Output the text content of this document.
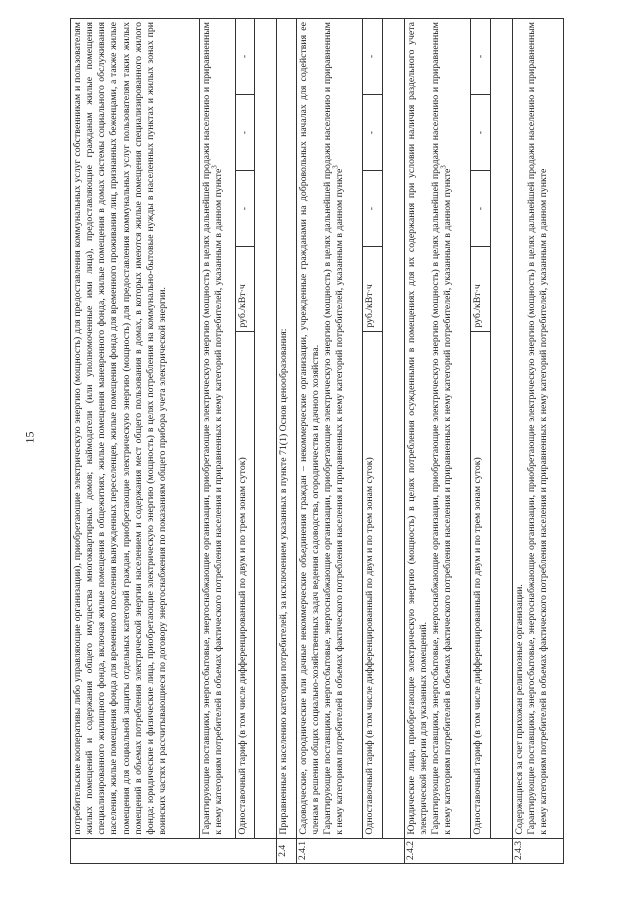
15
		потребительские кооперативы либо управляющие организации), приобретающие электрическую энергию (мощность) для предоставления коммунальных услуг собственникам и пользователям жилых помещений и содержания общего имущества многоквартирных домов; наймодатели (или уполномоченные ими лица), предоставляющие гражданам жилые помещения специализированного жилищного фонда, включая жилые помещения в общежитиях, жилые помещения маневренного фонда, жилые помещения в домах системы социального обслуживания населения, жилые помещения фонда для временного поселения вынужденных переселенцев, жилые помещения фонда для временного проживания лиц, признанных беженцами, а также жилые помещения для социальной защиты отдельных категорий граждан, приобретающие электрическую энергию (мощность) для предоставления коммунальных услуг пользователям таких жилых помещений в объемах потребления электрической энергии населением и содержания мест общего пользования в домах, в которых имеются жилые помещения специализированного жилого фонда; юридические и физические лица, приобретающие электрическую энергию (мощность) в целях потребления на коммунально-бытовые нужды в населенных пунктах и жилых зонах при воинских частях и рассчитывающиеся по договору энергоснабжения по показаниям общего прибора учета электрической энергии.				
	Гарантирующие поставщики, энергосбытовые, энергоснабжающие организации, приобретающие электрическую энергию (мощность) в целях дальнейшей продажи населению и приравненным к нему категориям потребителей в объемах фактического потребления населения и приравненных к нему категорий потребителей, указанным в данном пункте$^3$
	Одноставочный тариф (в том числе дифференцированный по двум и по трем зонам суток)	руб./кВт·ч	-	-	-

2.4	Приравненные к населению категории потребителей, за исключением указанных в пункте 71(1) Основ ценообразования:				
2.4.1	Садоводческие, огороднические или дачные некоммерческие объединения граждан – некоммерческие организации, учрежденные гражданами на добровольных началах для содействия ее членам в решении общих социально-хозяйственных задач ведения садоводства, огородничества и дачного хозяйства.
Гарантирующие поставщики, энергосбытовые, энергоснабжающие организации, приобретающие электрическую энергию (мощность) в целях дальнейшей продажи населению и приравненным к нему категориям потребителей в объемах фактического потребления населения и приравненных к нему категорий потребителей, указанным в данном пункте$^3$
	Одноставочный тариф (в том числе дифференцированный по двум и по трем зонам суток)	руб./кВт·ч	-	-	-

2.4.2	Юридические лица, приобретающие электрическую энергию (мощность) в целях потребления осужденными в помещениях для их содержания при условии наличия раздельного учета электрической энергии для указанных помещений.
Гарантирующие поставщики, энергосбытовые, энергоснабжающие организации, приобретающие электрическую энергию (мощность) в целях дальнейшей продажи населению и приравненным к нему категориям потребителей в объемах фактического потребления населения и приравненных к нему категорий потребителей, указанным в данном пункте$^3$
	Одноставочный тариф (в том числе дифференцированный по двум и по трем зонам суток)	руб./кВт·ч	-	-	-

2.4.3	Содержащиеся за счет прихожан религиозные организации.
Гарантирующие поставщики, энергосбытовые, энергоснабжающие организации, приобретающие электрическую энергию (мощность) в целях дальнейшей продажи населению и приравненным к нему категориям потребителей в объемах фактического потребления населения и приравненных к нему категорий потребителей, указанным в данном пункте				
